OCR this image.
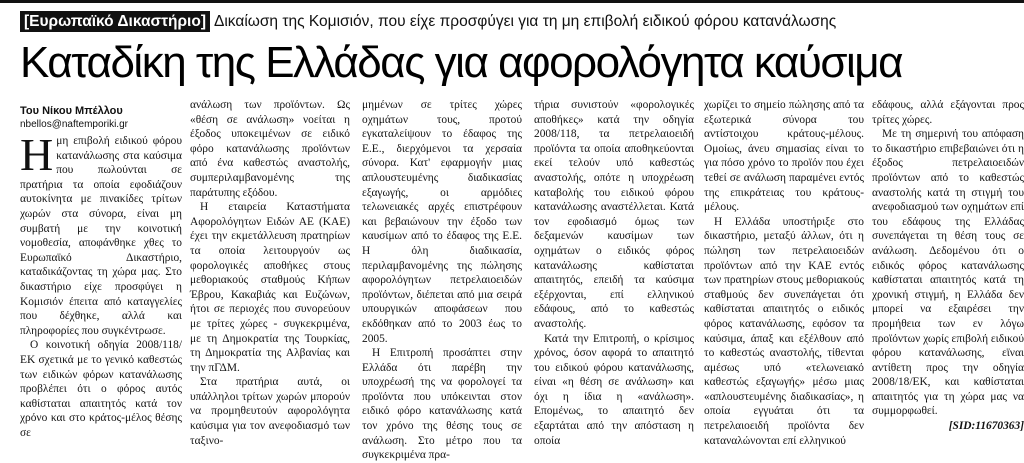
[Ευρωπαϊκό Δικαστήριο] Δικαίωση της Κομισιόν, που είχε προσφύγει για τη μη επιβολή ειδικού φόρου κατανάλωσης
Καταδίκη της Ελλάδας για αφορολόγητα καύσιμα
Του Νίκου Μπέλλου
nbellos@naftemporiki.gr

Ημη επιβολή ειδικού φόρου κατανάλωσης στα καύσιμα που πωλούνται σε πρατήρια τα οποία εφοδιάζουν αυτοκίνητα με πινακίδες τρίτων χωρών στα σύνορα, είναι μη συμβατή με την κοινοτική νομοθεσία, αποφάνθηκε χθες το Ευρωπαϊκό Δικαστήριο, καταδικάζοντας τη χώρα μας. Στο δικαστήριο είχε προσφύγει η Κομισιόν έπειτα από καταγγελίες που δέχθηκε, αλλά και πληροφορίες που συγκέντρωσε.

Ο κοινοτική οδηγία 2008/118/ΕΚ σχετικά με το γενικό καθεστώς των ειδικών φόρων κατανάλωσης προβλέπει ότι ο φόρος αυτός καθίσταται απαιτητός κατά τον χρόνο και στο κράτος-μέλος θέσης σε

ανάλωση των προϊόντων. Ως «θέση σε ανάλωση» νοείται η έξοδος υποκειμένων σε ειδικό φόρο κατανάλωσης προϊόντων από ένα καθεστώς αναστολής, συμπεριλαμβανομένης της παράτυπης εξόδου.

Η εταιρεία Καταστήματα Αφορολόγητων Ειδών ΑΕ (ΚΑΕ) έχει την εκμετάλλευση πρατηρίων τα οποία λειτουργούν ως φορολογικές αποθήκες στους μεθοριακούς σταθμούς Κήπων Έβρου, Κακαβιάς και Ευζώνων, ήτοι σε περιοχές που συνορεύουν με τρίτες χώρες - συγκεκριμένα, με τη Δημοκρατία της Τουρκίας, τη Δημοκρατία της Αλβανίας και την πΓΔΜ.

Στα πρατήρια αυτά, οι υπάλληλοι τρίτων χωρών μπορούν να προμηθευτούν αφορολόγητα καύσιμα για τον ανεφοδιασμό των ταξινο-

μημένων σε τρίτες χώρες οχημάτων τους, προτού εγκαταλείψουν το έδαφος της Ε.Ε., διερχόμενοι τα χερσαία σύνορα. Κατ' εφαρμογήν μιας απλουστευμένης διαδικασίας εξαγωγής, οι αρμόδιες τελωνειακές αρχές επιστρέφουν και βεβαιώνουν την έξοδο των καυσίμων από το έδαφος της Ε.Ε. Η όλη διαδικασία, περιλαμβανομένης της πώλησης αφορολόγητων πετρελαιοειδών προϊόντων, διέπεται από μια σειρά υπουργικών αποφάσεων που εκδόθηκαν από το 2003 έως το 2005.

Η Επιτροπή προσάπτει στην Ελλάδα ότι παρέβη την υποχρέωσή της να φορολογεί τα προϊόντα που υπόκεινται στον ειδικό φόρο κατανάλωσης κατά τον χρόνο της θέσης τους σε ανάλωση. Στο μέτρο που τα συγκεκριμένα πρα-

τήρια συνιστούν «φορολογικές αποθήκες» κατά την οδηγία 2008/118, τα πετρελαιοειδή προϊόντα τα οποία αποθηκεύονται εκεί τελούν υπό καθεστώς αναστολής, οπότε η υποχρέωση καταβολής του ειδικού φόρου κατανάλωσης αναστέλλεται. Κατά τον εφοδιασμό όμως των δεξαμενών καυσίμων των οχημάτων ο ειδικός φόρος κατανάλωσης καθίσταται απαιτητός, επειδή τα καύσιμα εξέρχονται, επί ελληνικού εδάφους, από το καθεστώς αναστολής.

Κατά την Επιτροπή, ο κρίσιμος χρόνος, όσον αφορά το απαιτητό του ειδικού φόρου κατανάλωσης, είναι «η θέση σε ανάλωση» και όχι η ίδια η «ανάλωση». Επομένως, το απαιτητό δεν εξαρτάται από την απόσταση η οποία

χωρίζει το σημείο πώλησης από τα εξωτερικά σύνορα του αντίστοιχου κράτους-μέλους. Ομοίως, άνευ σημασίας είναι το για πόσο χρόνο το προϊόν που έχει τεθεί σε ανάλωση παραμένει εντός της επικράτειας του κράτους-μέλους.

Η Ελλάδα υποστήριξε στο δικαστήριο, μεταξύ άλλων, ότι η πώληση των πετρελαιοειδών προϊόντων από την ΚΑΕ εντός των πρατηρίων στους μεθοριακούς σταθμούς δεν συνεπάγεται ότι καθίσταται απαιτητός ο ειδικός φόρος κατανάλωσης, εφόσον τα καύσιμα, άπαξ και εξέλθουν από το καθεστώς αναστολής, τίθενται αμέσως υπό «τελωνειακό καθεστώς εξαγωγής» μέσω μιας «απλουστευμένης διαδικασίας», η οποία εγγυάται ότι τα πετρελαιοειδή προϊόντα δεν καταναλώνονται επί ελληνικού

εδάφους, αλλά εξάγονται προς τρίτες χώρες.

Με τη σημερινή του απόφαση το δικαστήριο επιβεβαιώνει ότι η έξοδος πετρελαιοειδών προϊόντων από το καθεστώς αναστολής κατά τη στιγμή του ανεφοδιασμού των οχημάτων επί του εδάφους της Ελλάδας συνεπάγεται τη θέση τους σε ανάλωση. Δεδομένου ότι ο ειδικός φόρος κατανάλωσης καθίσταται απαιτητός κατά τη χρονική στιγμή, η Ελλάδα δεν μπορεί να εξαιρέσει την προμήθεια των εν λόγω προϊόντων χωρίς επιβολή ειδικού φόρου κατανάλωσης, εϊναι αντίθετη προς την οδηγία 2008/18/ΕΚ, και καθίσταται απαιτητός για τη χώρα μας να συμμορφωθεί.

[SID:11670363]
